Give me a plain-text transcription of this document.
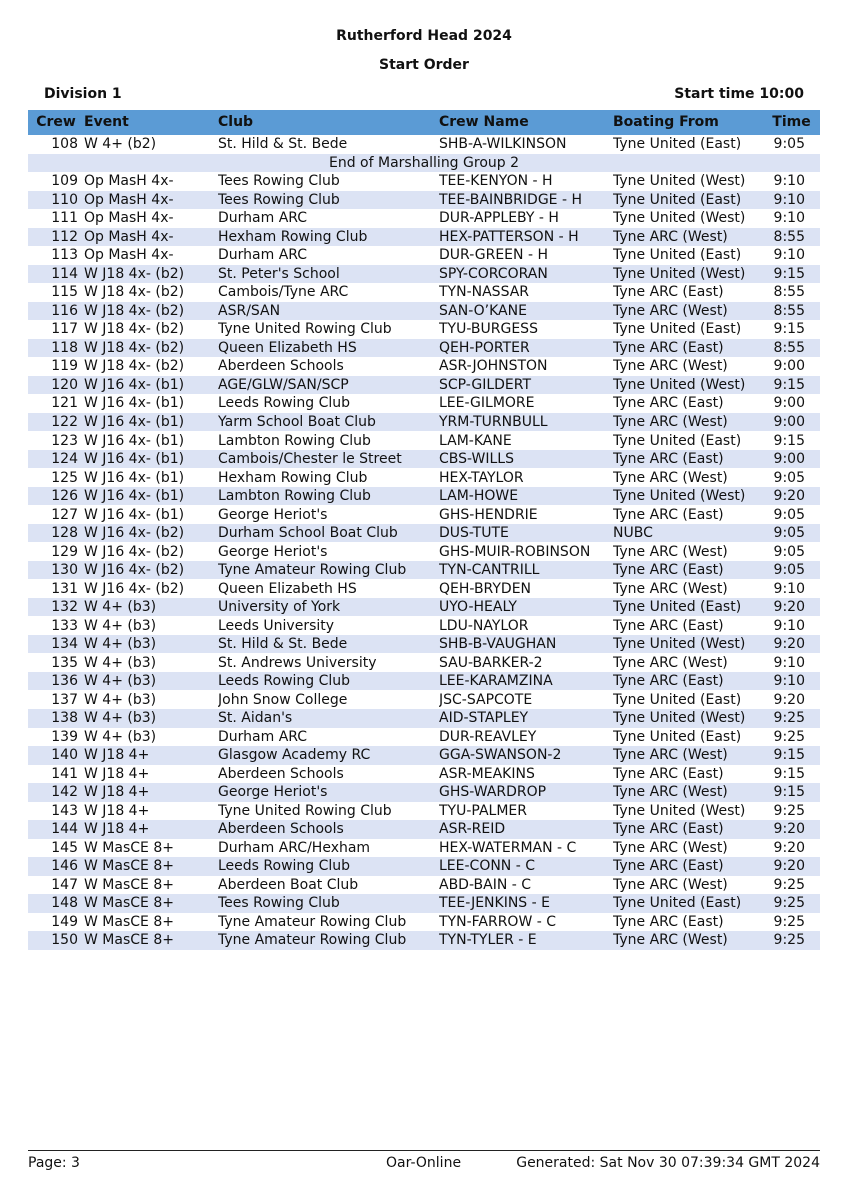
Rutherford Head 2024
Start Order
Division 1	Start time 10:00
Crew	Event	Club	Crew Name	Boating From	Time
108	W 4+ (b2)	St. Hild & St. Bede	SHB-A-WILKINSON	Tyne United (East)	9:05
End of Marshalling Group 2					
109	Op MasH 4x-	Tees Rowing Club	TEE-KENYON - H	Tyne United (West)	9:10
110	Op MasH 4x-	Tees Rowing Club	TEE-BAINBRIDGE - H	Tyne United (East)	9:10
111	Op MasH 4x-	Durham ARC	DUR-APPLEBY - H	Tyne United (West)	9:10
112	Op MasH 4x-	Hexham Rowing Club	HEX-PATTERSON - H	Tyne ARC (West)	8:55
113	Op MasH 4x-	Durham ARC	DUR-GREEN - H	Tyne United (East)	9:10
114	W J18 4x- (b2)	St. Peter's School	SPY-CORCORAN	Tyne United (West)	9:15
115	W J18 4x- (b2)	Cambois/Tyne ARC	TYN-NASSAR	Tyne ARC (East)	8:55
116	W J18 4x- (b2)	ASR/SAN	SAN-O’KANE	Tyne ARC (West)	8:55
117	W J18 4x- (b2)	Tyne United Rowing Club	TYU-BURGESS	Tyne United (East)	9:15
118	W J18 4x- (b2)	Queen Elizabeth HS	QEH-PORTER	Tyne ARC (East)	8:55
119	W J18 4x- (b2)	Aberdeen Schools	ASR-JOHNSTON	Tyne ARC (West)	9:00
120	W J16 4x- (b1)	AGE/GLW/SAN/SCP	SCP-GILDERT	Tyne United (West)	9:15
121	W J16 4x- (b1)	Leeds Rowing Club	LEE-GILMORE	Tyne ARC (East)	9:00
122	W J16 4x- (b1)	Yarm School Boat Club	YRM-TURNBULL	Tyne ARC (West)	9:00
123	W J16 4x- (b1)	Lambton Rowing Club	LAM-KANE	Tyne United (East)	9:15
124	W J16 4x- (b1)	Cambois/Chester le Street	CBS-WILLS	Tyne ARC (East)	9:00
125	W J16 4x- (b1)	Hexham Rowing Club	HEX-TAYLOR	Tyne ARC (West)	9:05
126	W J16 4x- (b1)	Lambton Rowing Club	LAM-HOWE	Tyne United (West)	9:20
127	W J16 4x- (b1)	George Heriot's	GHS-HENDRIE	Tyne ARC (East)	9:05
128	W J16 4x- (b2)	Durham School Boat Club	DUS-TUTE	NUBC	9:05
129	W J16 4x- (b2)	George Heriot's	GHS-MUIR-ROBINSON	Tyne ARC (West)	9:05
130	W J16 4x- (b2)	Tyne Amateur Rowing Club	TYN-CANTRILL	Tyne ARC (East)	9:05
131	W J16 4x- (b2)	Queen Elizabeth HS	QEH-BRYDEN	Tyne ARC (West)	9:10
132	W 4+ (b3)	University of York	UYO-HEALY	Tyne United (East)	9:20
133	W 4+ (b3)	Leeds University	LDU-NAYLOR	Tyne ARC (East)	9:10
134	W 4+ (b3)	St. Hild & St. Bede	SHB-B-VAUGHAN	Tyne United (West)	9:20
135	W 4+ (b3)	St. Andrews University	SAU-BARKER-2	Tyne ARC (West)	9:10
136	W 4+ (b3)	Leeds Rowing Club	LEE-KARAMZINA	Tyne ARC (East)	9:10
137	W 4+ (b3)	John Snow College	JSC-SAPCOTE	Tyne United (East)	9:20
138	W 4+ (b3)	St. Aidan's	AID-STAPLEY	Tyne United (West)	9:25
139	W 4+ (b3)	Durham ARC	DUR-REAVLEY	Tyne United (East)	9:25
140	W J18 4+	Glasgow Academy RC	GGA-SWANSON-2	Tyne ARC (West)	9:15
141	W J18 4+	Aberdeen Schools	ASR-MEAKINS	Tyne ARC (East)	9:15
142	W J18 4+	George Heriot's	GHS-WARDROP	Tyne ARC (West)	9:15
143	W J18 4+	Tyne United Rowing Club	TYU-PALMER	Tyne United (West)	9:25
144	W J18 4+	Aberdeen Schools	ASR-REID	Tyne ARC (East)	9:20
145	W MasCE 8+	Durham ARC/Hexham	HEX-WATERMAN - C	Tyne ARC (West)	9:20
146	W MasCE 8+	Leeds Rowing Club	LEE-CONN - C	Tyne ARC (East)	9:20
147	W MasCE 8+	Aberdeen Boat Club	ABD-BAIN - C	Tyne ARC (West)	9:25
148	W MasCE 8+	Tees Rowing Club	TEE-JENKINS - E	Tyne United (East)	9:25
149	W MasCE 8+	Tyne Amateur Rowing Club	TYN-FARROW - C	Tyne ARC (East)	9:25
150	W MasCE 8+	Tyne Amateur Rowing Club	TYN-TYLER - E	Tyne ARC (West)	9:25
Page: 3	Oar-Online	Generated: Sat Nov 30 07:39:34 GMT 2024
